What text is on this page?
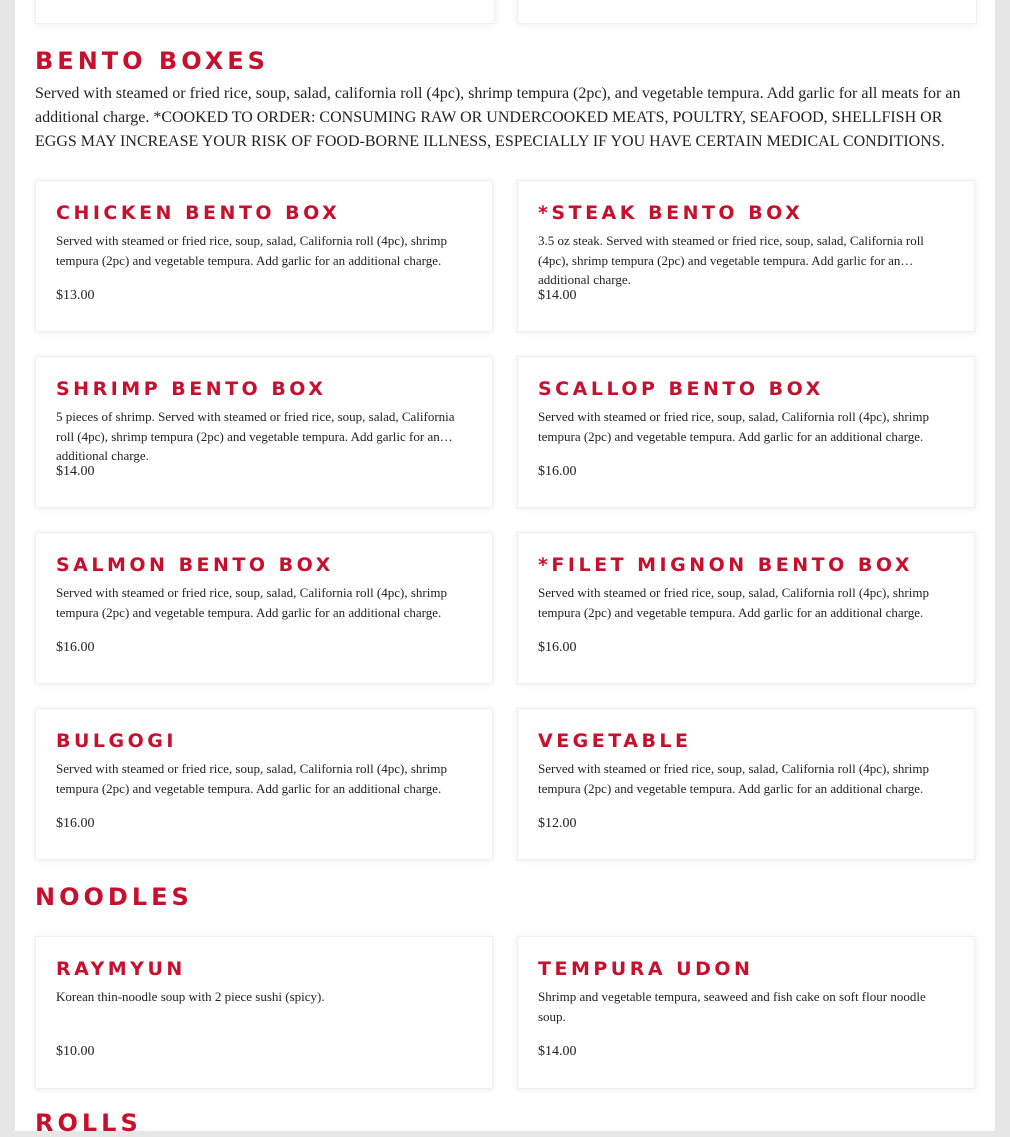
BENTO BOXES

Served with steamed or fried rice, soup, salad, california roll (4pc), shrimp tempura (2pc), and vegetable tempura. Add garlic for all meats for an additional charge. *COOKED TO ORDER: CONSUMING RAW OR UNDERCOOKED MEATS, POULTRY, SEAFOOD, SHELLFISH OR EGGS MAY INCREASE YOUR RISK OF FOOD-BORNE ILLNESS, ESPECIALLY IF YOU HAVE CERTAIN MEDICAL CONDITIONS.

CHICKEN BENTO BOX
Served with steamed or fried rice, soup, salad, California roll (4pc), shrimp tempura (2pc) and vegetable tempura. Add garlic for an additional charge.
$13.00
*STEAK BENTO BOX
3.5 oz steak. Served with steamed or fried rice, soup, salad, California roll (4pc), shrimp tempura (2pc) and vegetable tempura. Add garlic for an additional charge.
$14.00
SHRIMP BENTO BOX
5 pieces of shrimp. Served with steamed or fried rice, soup, salad, California roll (4pc), shrimp tempura (2pc) and vegetable tempura. Add garlic for an additional charge.
$14.00
SCALLOP BENTO BOX
Served with steamed or fried rice, soup, salad, California roll (4pc), shrimp tempura (2pc) and vegetable tempura. Add garlic for an additional charge.
$16.00
SALMON BENTO BOX
Served with steamed or fried rice, soup, salad, California roll (4pc), shrimp tempura (2pc) and vegetable tempura. Add garlic for an additional charge.
$16.00
*FILET MIGNON BENTO BOX
Served with steamed or fried rice, soup, salad, California roll (4pc), shrimp tempura (2pc) and vegetable tempura. Add garlic for an additional charge.
$16.00
BULGOGI
Served with steamed or fried rice, soup, salad, California roll (4pc), shrimp tempura (2pc) and vegetable tempura. Add garlic for an additional charge.
$16.00
VEGETABLE
Served with steamed or fried rice, soup, salad, California roll (4pc), shrimp tempura (2pc) and vegetable tempura. Add garlic for an additional charge.
$12.00
NOODLES
RAYMYUN
Korean thin-noodle soup with 2 piece sushi (spicy).
$10.00
TEMPURA UDON
Shrimp and vegetable tempura, seaweed and fish cake on soft flour noodle soup.
$14.00
ROLLS
